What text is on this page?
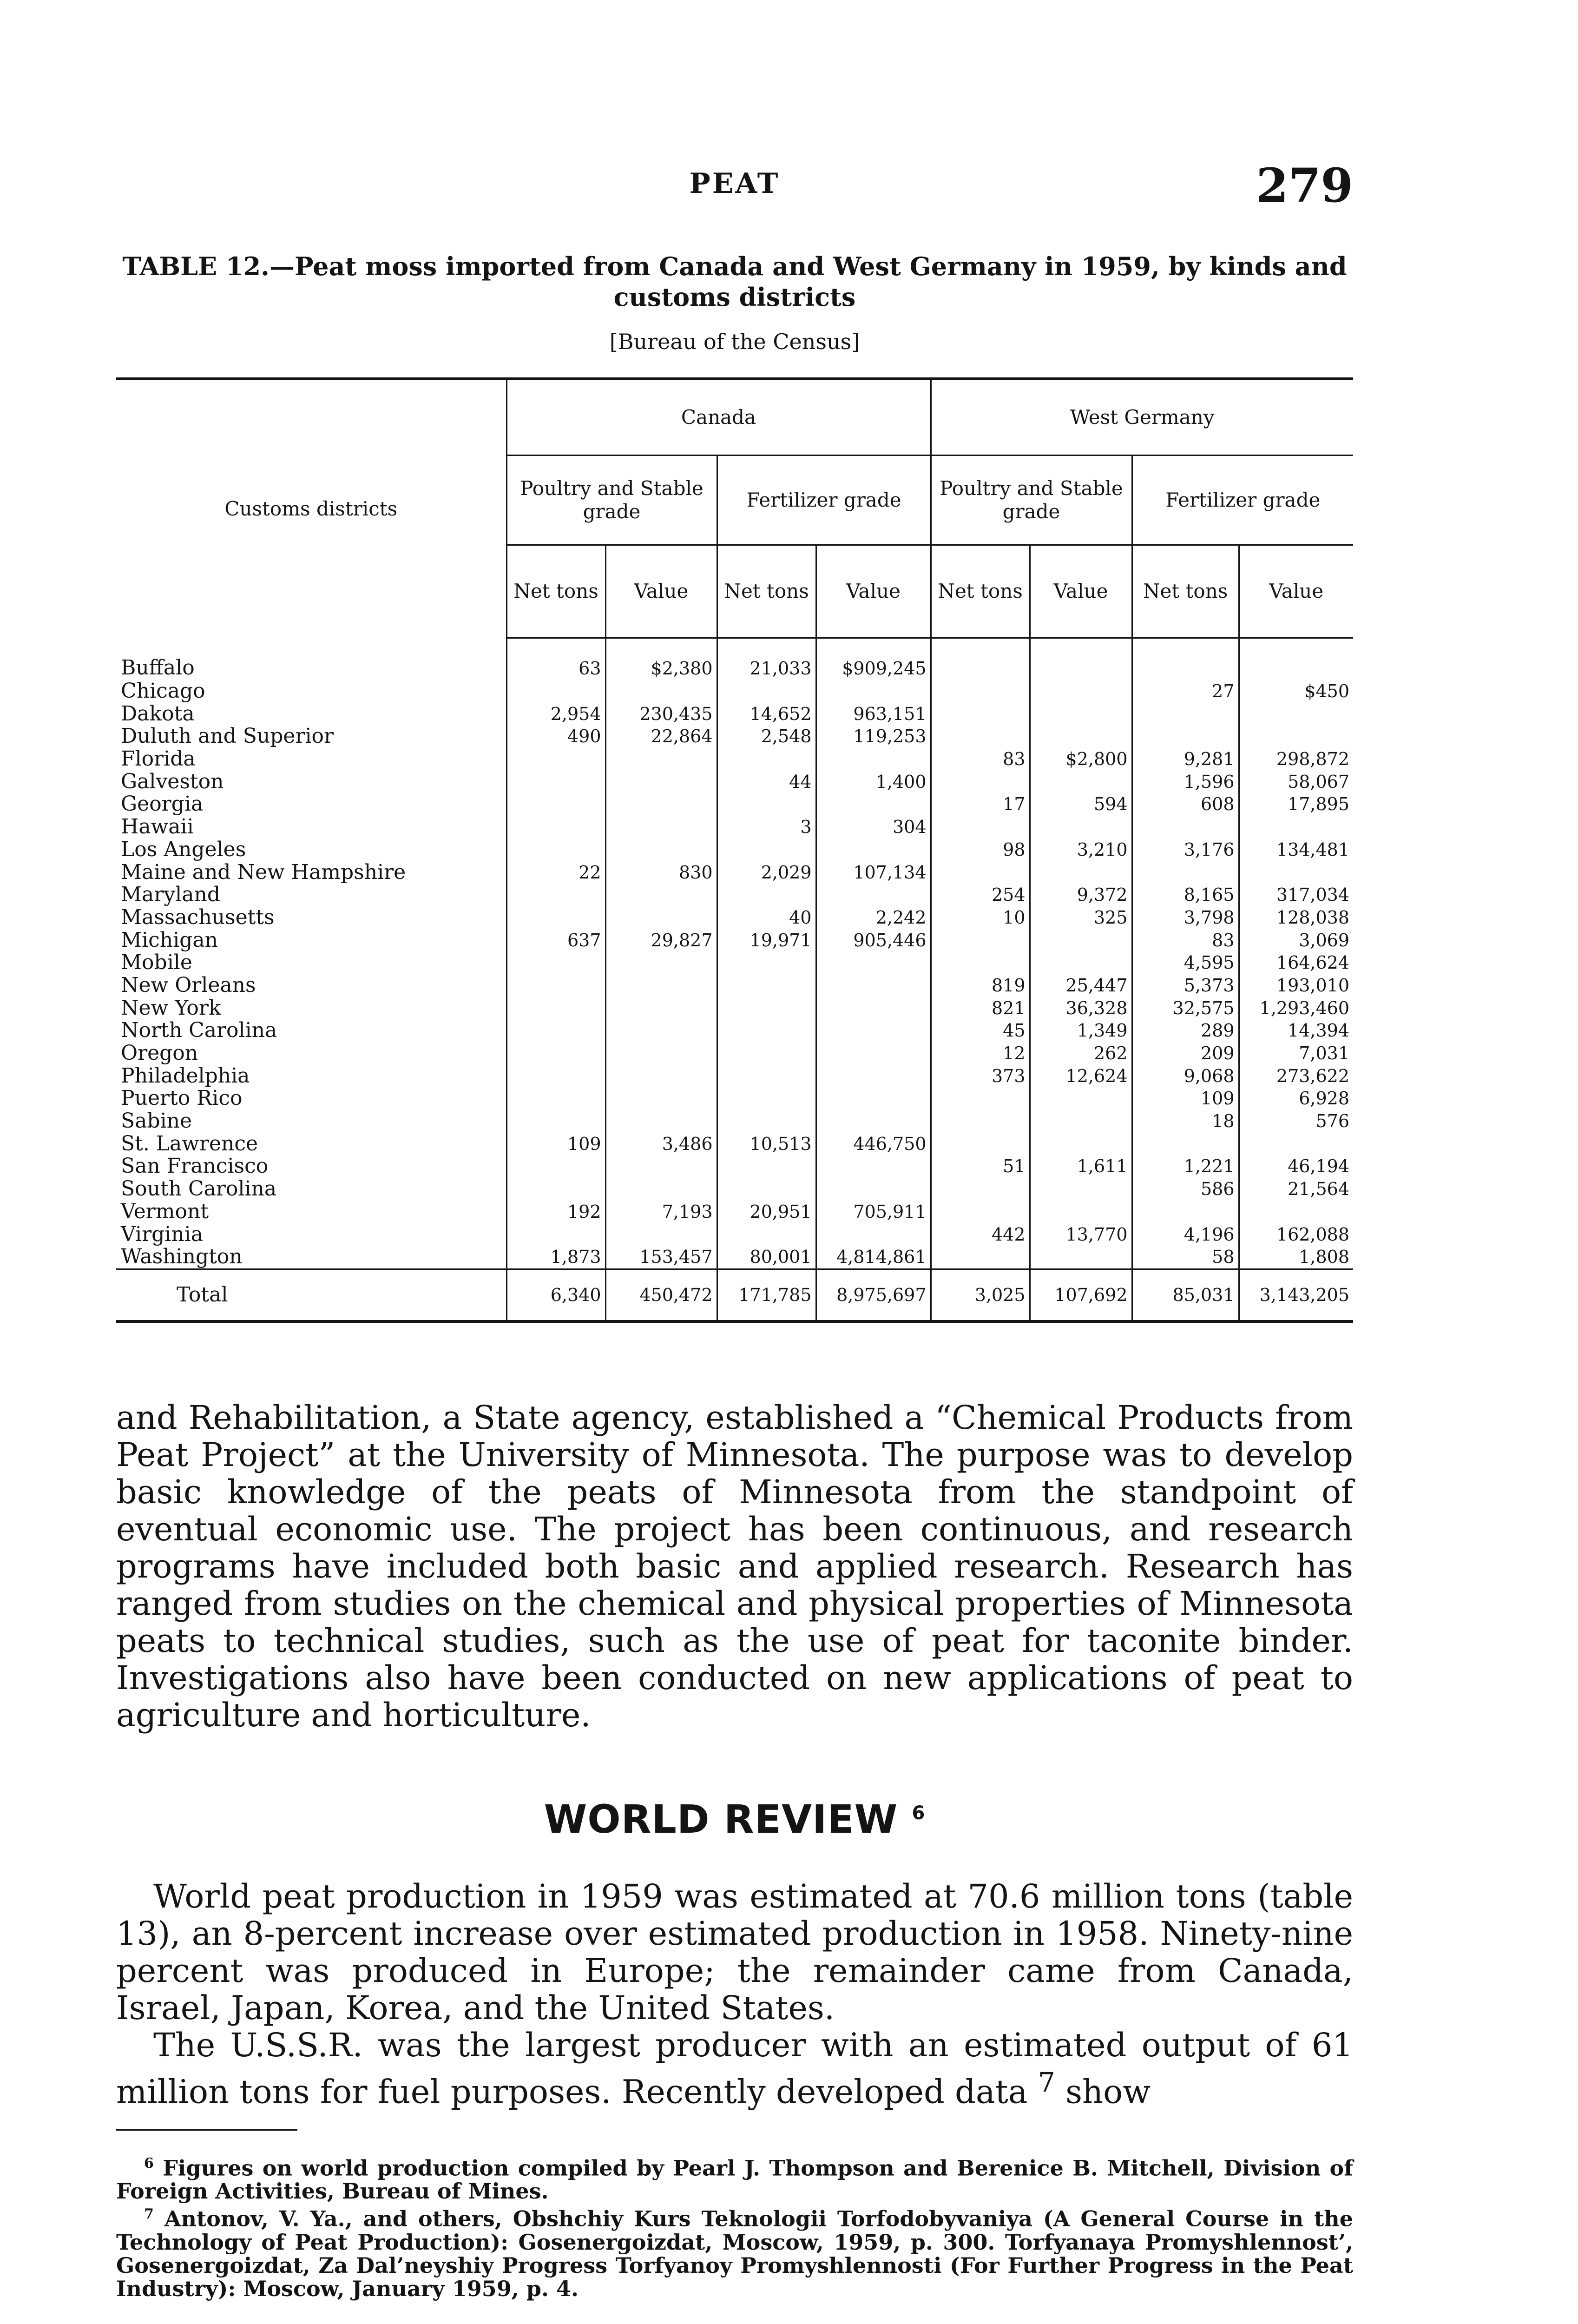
PEAT	279

TABLE 12.—Peat moss imported from Canada and West Germany in 1959, by kinds and customs districts

[Bureau of the Census]
Customs districts	Canada				West Germany			
	Poultry and Stable grade		Fertilizer grade		Poultry and Stable grade		Fertilizer grade	
	Net tons	Value	Net tons	Value	Net tons	Value	Net tons	Value
Buffalo	63	$2,380	21,033	$909,245				
Chicago							27	$450
Dakota	2,954	230,435	14,652	963,151				
Duluth and Superior	490	22,864	2,548	119,253				
Florida					83	$2,800	9,281	298,872
Galveston			44	1,400			1,596	58,067
Georgia					17	594	608	17,895
Hawaii			3	304				
Los Angeles					98	3,210	3,176	134,481
Maine and New Hampshire	22	830	2,029	107,134				
Maryland					254	9,372	8,165	317,034
Massachusetts			40	2,242	10	325	3,798	128,038
Michigan	637	29,827	19,971	905,446			83	3,069
Mobile							4,595	164,624
New Orleans					819	25,447	5,373	193,010
New York					821	36,328	32,575	1,293,460
North Carolina					45	1,349	289	14,394
Oregon					12	262	209	7,031
Philadelphia					373	12,624	9,068	273,622
Puerto Rico							109	6,928
Sabine							18	576
St. Lawrence	109	3,486	10,513	446,750				
San Francisco					51	1,611	1,221	46,194
South Carolina							586	21,564
Vermont	192	7,193	20,951	705,911				
Virginia					442	13,770	4,196	162,088
Washington	1,873	153,457	80,001	4,814,861			58	1,808
Total	6,340	450,472	171,785	8,975,697	3,025	107,692	85,031	3,143,205

and Rehabilitation, a State agency, established a “Chemical Products from Peat Project” at the University of Minnesota. The purpose was to develop basic knowledge of the peats of Minnesota from the standpoint of eventual economic use. The project has been continuous, and research programs have included both basic and applied research. Research has ranged from studies on the chemical and physical properties of Minnesota peats to technical studies, such as the use of peat for taconite binder. Investigations also have been conducted on new applications of peat to agriculture and horticulture.

WORLD REVIEW $^6$

World peat production in 1959 was estimated at 70.6 million tons (table 13), an 8-percent increase over estimated production in 1958. Ninety-nine percent was produced in Europe; the remainder came from Canada, Israel, Japan, Korea, and the United States.

The U.S.S.R. was the largest producer with an estimated output of 61 million tons for fuel purposes. Recently developed data $^7$ show

$^6$ Figures on world production compiled by Pearl J. Thompson and Berenice B. Mitchell, Division of Foreign Activities, Bureau of Mines.

$^7$ Antonov, V. Ya., and others, Obshchiy Kurs Teknologii Torfodobyvaniya (A General Course in the Technology of Peat Production): Gosenergoizdat, Moscow, 1959, p. 300. Torfyanaya Promyshlennost’, Gosenergoizdat, Za Dal’neyshiy Progress Torfyanoy Promyshlennosti (For Further Progress in the Peat Industry): Moscow, January 1959, p. 4.
